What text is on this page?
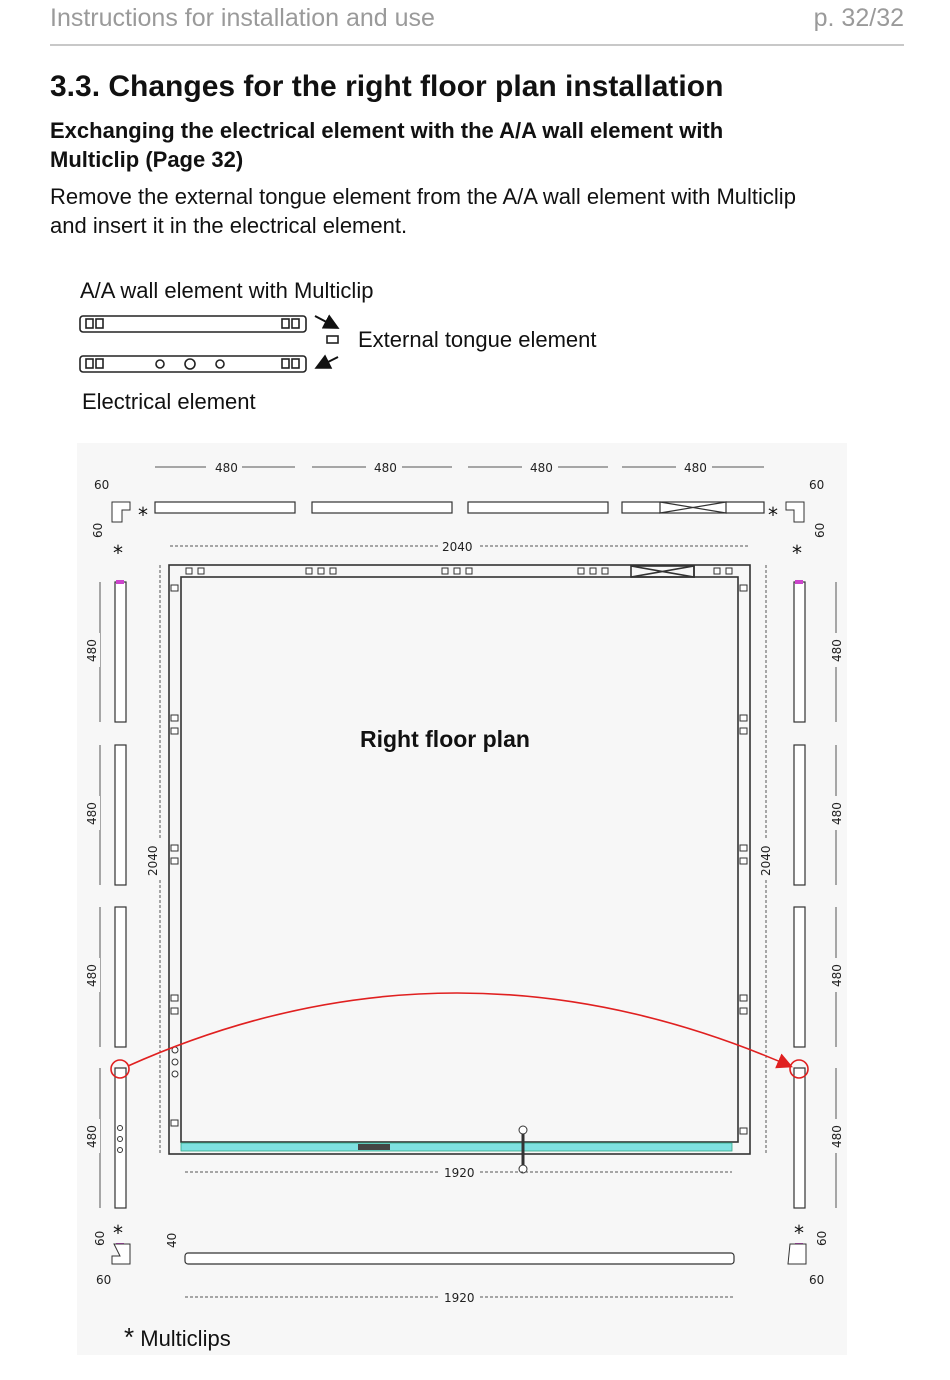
Instructions for installation and use	p. 32/32
3.3. Changes for the right floor plan installation
Exchanging the electrical element with the A/A wall element with Multiclip (Page 32)
Remove the external tongue element from the A/A wall element with Multiclip and insert it in the electrical element.
A/A wall element with Multiclip
External tongue element
Electrical element
480	480	480	480
60	60
60	60
*	*
*	*
2040
Right floor plan
2040	2040
480
480
480
480
480
480
480
480
*	*
60	60
60	60
1920
40
1920
* Multiclips
